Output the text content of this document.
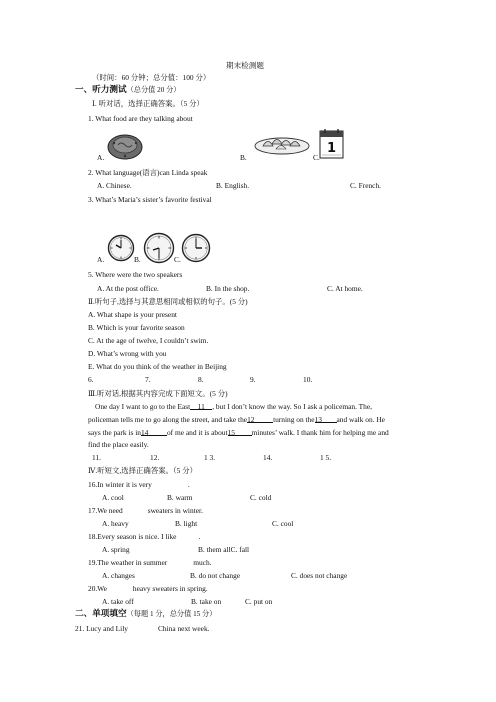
期末检测题
（时间：60 分钟；总分值：100 分）
一、听力测试（总分值 20 分）
Ⅰ. 听对话，选择正确答案。（5 分）
1. What food are they talking about
1
A.	B.	C.
2. What language(语言)can Linda speak
A. Chinese.	B. English.	C. French.
3. What’s Maria’s sister’s favorite festival
A.	B.	C.
5. Where were the two speakers
A. At the post office.	B. In the shop.	C. At home.
Ⅱ.听句子,选择与其意思相同或相似的句子。(5 分)
A. What shape is your present
B. Which is your favorite season
C. At the age of twelve, I couldn’t swim.
D. What’s wrong with you
E. What do you think of the weather in Beijing
6.	7.	8.	9.	10.
Ⅲ.听对话,根据其内容完成下面短文。(5 分)
One day I want to go to the East 11 , but I don’t know the way. So I ask a policeman. The,
policeman tells me to go along the street, and take the12	turning on the13 and walk on. He
says the park is in14	of me and it is about15 minutes’ walk. I thank him for helping me and
find the place easily.
11.	12.	1 3.	14.	1 5.
Ⅳ.听短文,选择正确答案。（5 分）
16.In winter it is very	.
A. cool	B. warm	C. cold
17.We need	sweaters in winter.
A. heavy	B. light	C. cool
18.Every season is nice. I like	.
A. spring	B. them allC. fall
19.The weather in summer	much.
A. changes	B. do not change	C. does not change
20.We	heavy sweaters in spring.
A. take off	B. take on	C. put on
二、单项填空（每题 1 分，总分值 15 分）
21. Lucy and Lily	China next week.
